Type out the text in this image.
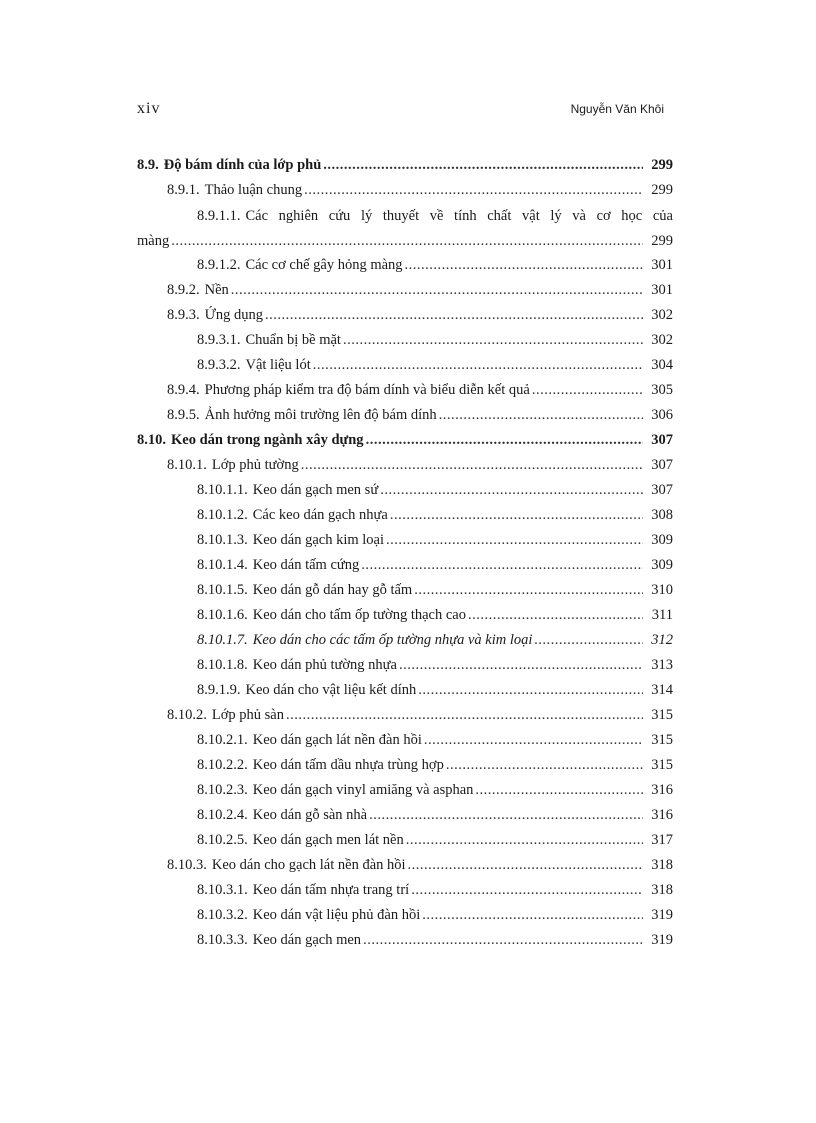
xiv	Nguyễn Văn Khôi
8.9. Độ bám dính của lớp phủ .....	299
8.9.1. Thảo luận chung .....	299
8.9.1.1. Các nghiên cứu lý thuyết về tính chất vật lý và cơ học của
màng .....	299
8.9.1.2. Các cơ chế gây hỏng màng .....	301
8.9.2. Nền .....	301
8.9.3. Ứng dụng .....	302
8.9.3.1. Chuẩn bị bề mặt .....	302
8.9.3.2. Vật liệu lót .....	304
8.9.4. Phương pháp kiểm tra độ bám dính và biểu diễn kết quả .....	305
8.9.5. Ảnh hưởng môi trường lên độ bám dính .....	306
8.10. Keo dán trong ngành xây dựng .....	307
8.10.1. Lớp phủ tường .....	307
8.10.1.1. Keo dán gạch men sứ .....	307
8.10.1.2. Các keo dán gạch nhựa .....	308
8.10.1.3. Keo dán gạch kim loại .....	309
8.10.1.4. Keo dán tấm cứng .....	309
8.10.1.5. Keo dán gỗ dán hay gỗ tấm .....	310
8.10.1.6. Keo dán cho tấm ốp tường thạch cao .....	311
8.10.1.7. Keo dán cho các tấm ốp tường nhựa và kim loại .....	312
8.10.1.8. Keo dán phủ tường nhựa .....	313
8.9.1.9. Keo dán cho vật liệu kết dính .....	314
8.10.2. Lớp phủ sàn .....	315
8.10.2.1. Keo dán gạch lát nền đàn hồi .....	315
8.10.2.2. Keo dán tấm dầu nhựa trùng hợp .....	315
8.10.2.3. Keo dán gạch vinyl amiăng và asphan .....	316
8.10.2.4. Keo dán gỗ sàn nhà .....	316
8.10.2.5. Keo dán gạch men lát nền .....	317
8.10.3. Keo dán cho gạch lát nền đàn hồi .....	318
8.10.3.1. Keo dán tấm nhựa trang trí .....	318
8.10.3.2. Keo dán vật liệu phủ đàn hồi .....	319
8.10.3.3. Keo dán gạch men .....	319
